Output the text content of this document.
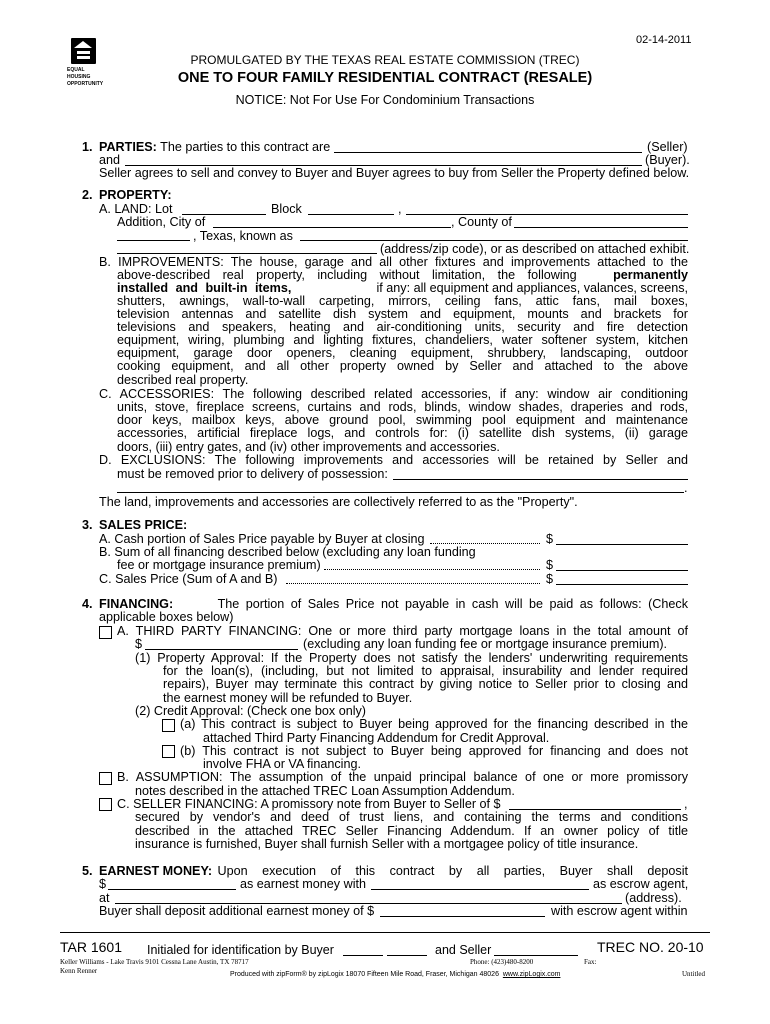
02-14-2011
EQUAL HOUSING OPPORTUNITY
PROMULGATED BY THE TEXAS REAL ESTATE COMMISSION (TREC)
ONE TO FOUR FAMILY RESIDENTIAL CONTRACT (RESALE)
NOTICE: Not For Use For Condominium Transactions
1. PARTIES: The parties to this contract are	(Seller)
and	(Buyer).
Seller agrees to sell and convey to Buyer and Buyer agrees to buy from Seller the Property defined below.
2. PROPERTY:
A. LAND: Lot	Block	,
Addition, City of	, County of
, Texas, known as
(address/zip code), or as described on attached exhibit.
B. IMPROVEMENTS: The house, garage and all other fixtures and improvements attached to the
above-described real property, including without limitation, the following	permanently
installed and built-in items,	if any: all equipment and appliances, valances, screens,
shutters, awnings, wall-to-wall carpeting, mirrors, ceiling fans, attic fans, mail boxes,
television antennas and satellite dish system and equipment, mounts and brackets for
televisions and speakers, heating and air-conditioning units, security and fire detection
equipment, wiring, plumbing and lighting fixtures, chandeliers, water softener system, kitchen
equipment, garage door openers, cleaning equipment, shrubbery, landscaping, outdoor
cooking equipment, and all other property owned by Seller and attached to the above
described real property.
C. ACCESSORIES: The following described related accessories, if any: window air conditioning
units, stove, fireplace screens, curtains and rods, blinds, window shades, draperies and rods,
door keys, mailbox keys, above ground pool, swimming pool equipment and maintenance
accessories, artificial fireplace logs, and controls for: (i) satellite dish systems, (ii) garage
doors, (iii) entry gates, and (iv) other improvements and accessories.
D. EXCLUSIONS: The following improvements and accessories will be retained by Seller and
must be removed prior to delivery of possession:
.
The land, improvements and accessories are collectively referred to as the "Property".
3. SALES PRICE:
A. Cash portion of Sales Price payable by Buyer at closing	$
B. Sum of all financing described below (excluding any loan funding
fee or mortgage insurance premium)	$
C. Sales Price (Sum of A and B)	$
4. FINANCING:	The portion of Sales Price not payable in cash will be paid as follows: (Check
applicable boxes below)
A. THIRD PARTY FINANCING: One or more third party mortgage loans in the total amount of
$	(excluding any loan funding fee or mortgage insurance premium).
(1) Property Approval: If the Property does not satisfy the lenders' underwriting requirements
for the loan(s), (including, but not limited to appraisal, insurability and lender required
repairs), Buyer may terminate this contract by giving notice to Seller prior to closing and
the earnest money will be refunded to Buyer.
(2) Credit Approval: (Check one box only)
(a) This contract is subject to Buyer being approved for the financing described in the
attached Third Party Financing Addendum for Credit Approval.
(b) This contract is not subject to Buyer being approved for financing and does not
involve FHA or VA financing.
B. ASSUMPTION: The assumption of the unpaid principal balance of one or more promissory
notes described in the attached TREC Loan Assumption Addendum.
C. SELLER FINANCING: A promissory note from Buyer to Seller of $	,
secured by vendor's and deed of trust liens, and containing the terms and conditions
described in the attached TREC Seller Financing Addendum. If an owner policy of title
insurance is furnished, Buyer shall furnish Seller with a mortgagee policy of title insurance.
5. EARNEST MONEY: Upon execution of this contract by all parties, Buyer shall deposit
$	as earnest money with	as escrow agent,
at	(address).
Buyer shall deposit additional earnest money of $	with escrow agent within
TAR 1601 Initialed for identification by Buyer	and Seller	TREC NO. 20-10
Keller Williams - Lake Travis 9101 Cessna Lane Austin, TX 78717	Phone: (423)480-8200	Fax:
Kenn Renner	Produced with zipForm® by zipLogix 18070 Fifteen Mile Road, Fraser, Michigan 48026 www.zipLogix.com	Untitled
